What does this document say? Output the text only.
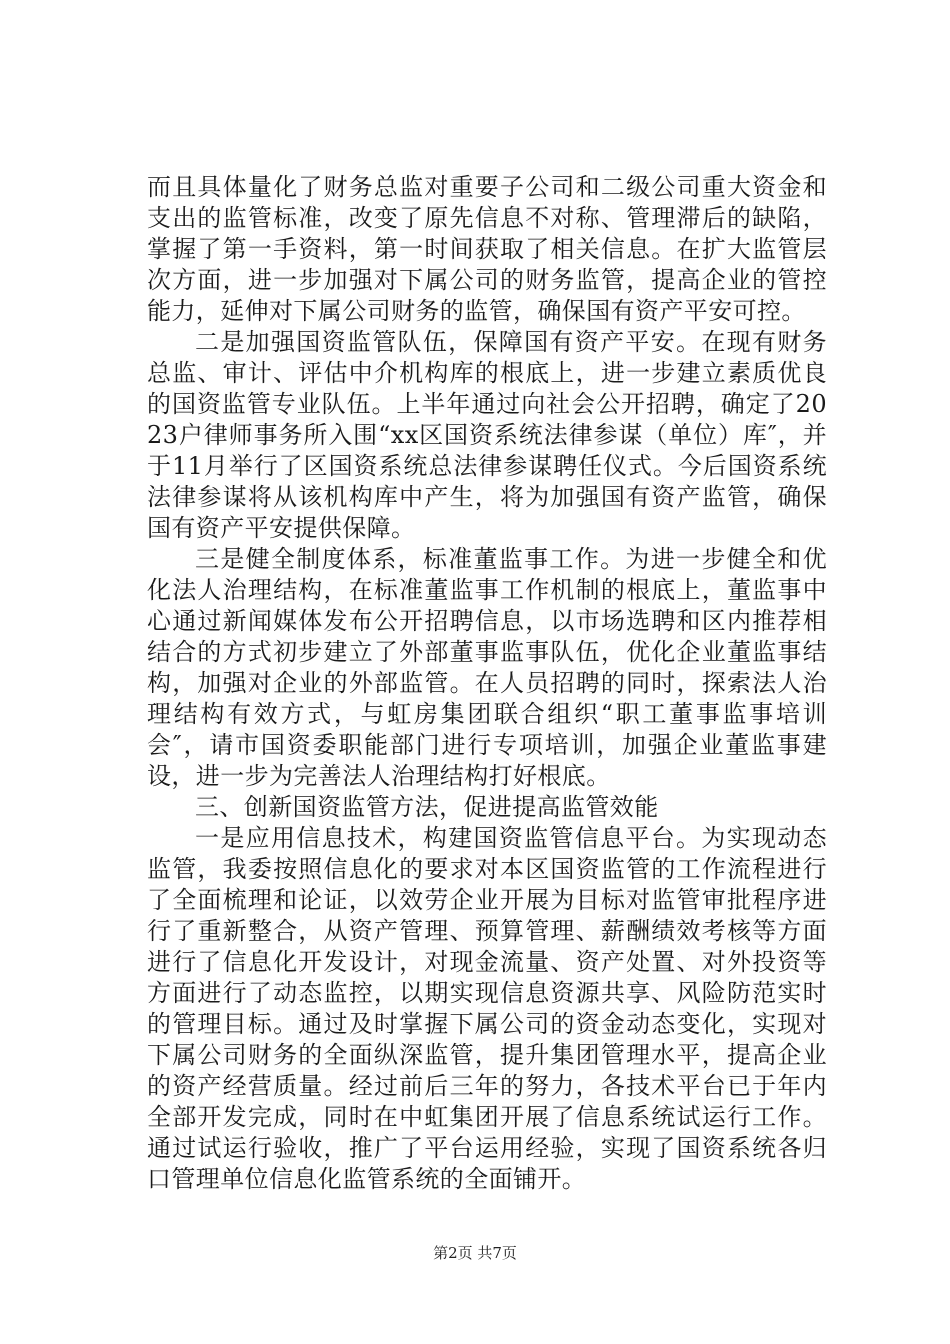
而且具体量化了财务总监对重要子公司和二级公司重大资金和支出的监管标准，改变了原先信息不对称、管理滞后的缺陷，掌握了第一手资料，第一时间获取了相关信息。在扩大监管层次方面，进一步加强对下属公司的财务监管，提高企业的管控能力，延伸对下属公司财务的监管，确保国有资产平安可控。

二是加强国资监管队伍，保障国有资产平安。在现有财务总监、审计、评估中介机构库的根底上，进一步建立素质优良的国资监管专业队伍。上半年通过向社会公开招聘，确定了2023户律师事务所入围“xx区国资系统法律参谋（单位）库″，并于11月举行了区国资系统总法律参谋聘任仪式。今后国资系统法律参谋将从该机构库中产生，将为加强国有资产监管，确保国有资产平安提供保障。

三是健全制度体系，标准董监事工作。为进一步健全和优化法人治理结构，在标准董监事工作机制的根底上，董监事中心通过新闻媒体发布公开招聘信息，以市场选聘和区内推荐相结合的方式初步建立了外部董事监事队伍，优化企业董监事结构，加强对企业的外部监管。在人员招聘的同时，探索法人治理结构有效方式，与虹房集团联合组织“职工董事监事培训会″，请市国资委职能部门进行专项培训，加强企业董监事建设，进一步为完善法人治理结构打好根底。

三、创新国资监管方法，促进提高监管效能

一是应用信息技术，构建国资监管信息平台。为实现动态监管，我委按照信息化的要求对本区国资监管的工作流程进行了全面梳理和论证，以效劳企业开展为目标对监管审批程序进行了重新整合，从资产管理、预算管理、薪酬绩效考核等方面进行了信息化开发设计，对现金流量、资产处置、对外投资等方面进行了动态监控，以期实现信息资源共享、风险防范实时的管理目标。通过及时掌握下属公司的资金动态变化，实现对下属公司财务的全面纵深监管，提升集团管理水平，提高企业的资产经营质量。经过前后三年的努力，各技术平台已于年内全部开发完成，同时在中虹集团开展了信息系统试运行工作。通过试运行验收，推广了平台运用经验，实现了国资系统各归口管理单位信息化监管系统的全面铺开。

第2页 共7页
